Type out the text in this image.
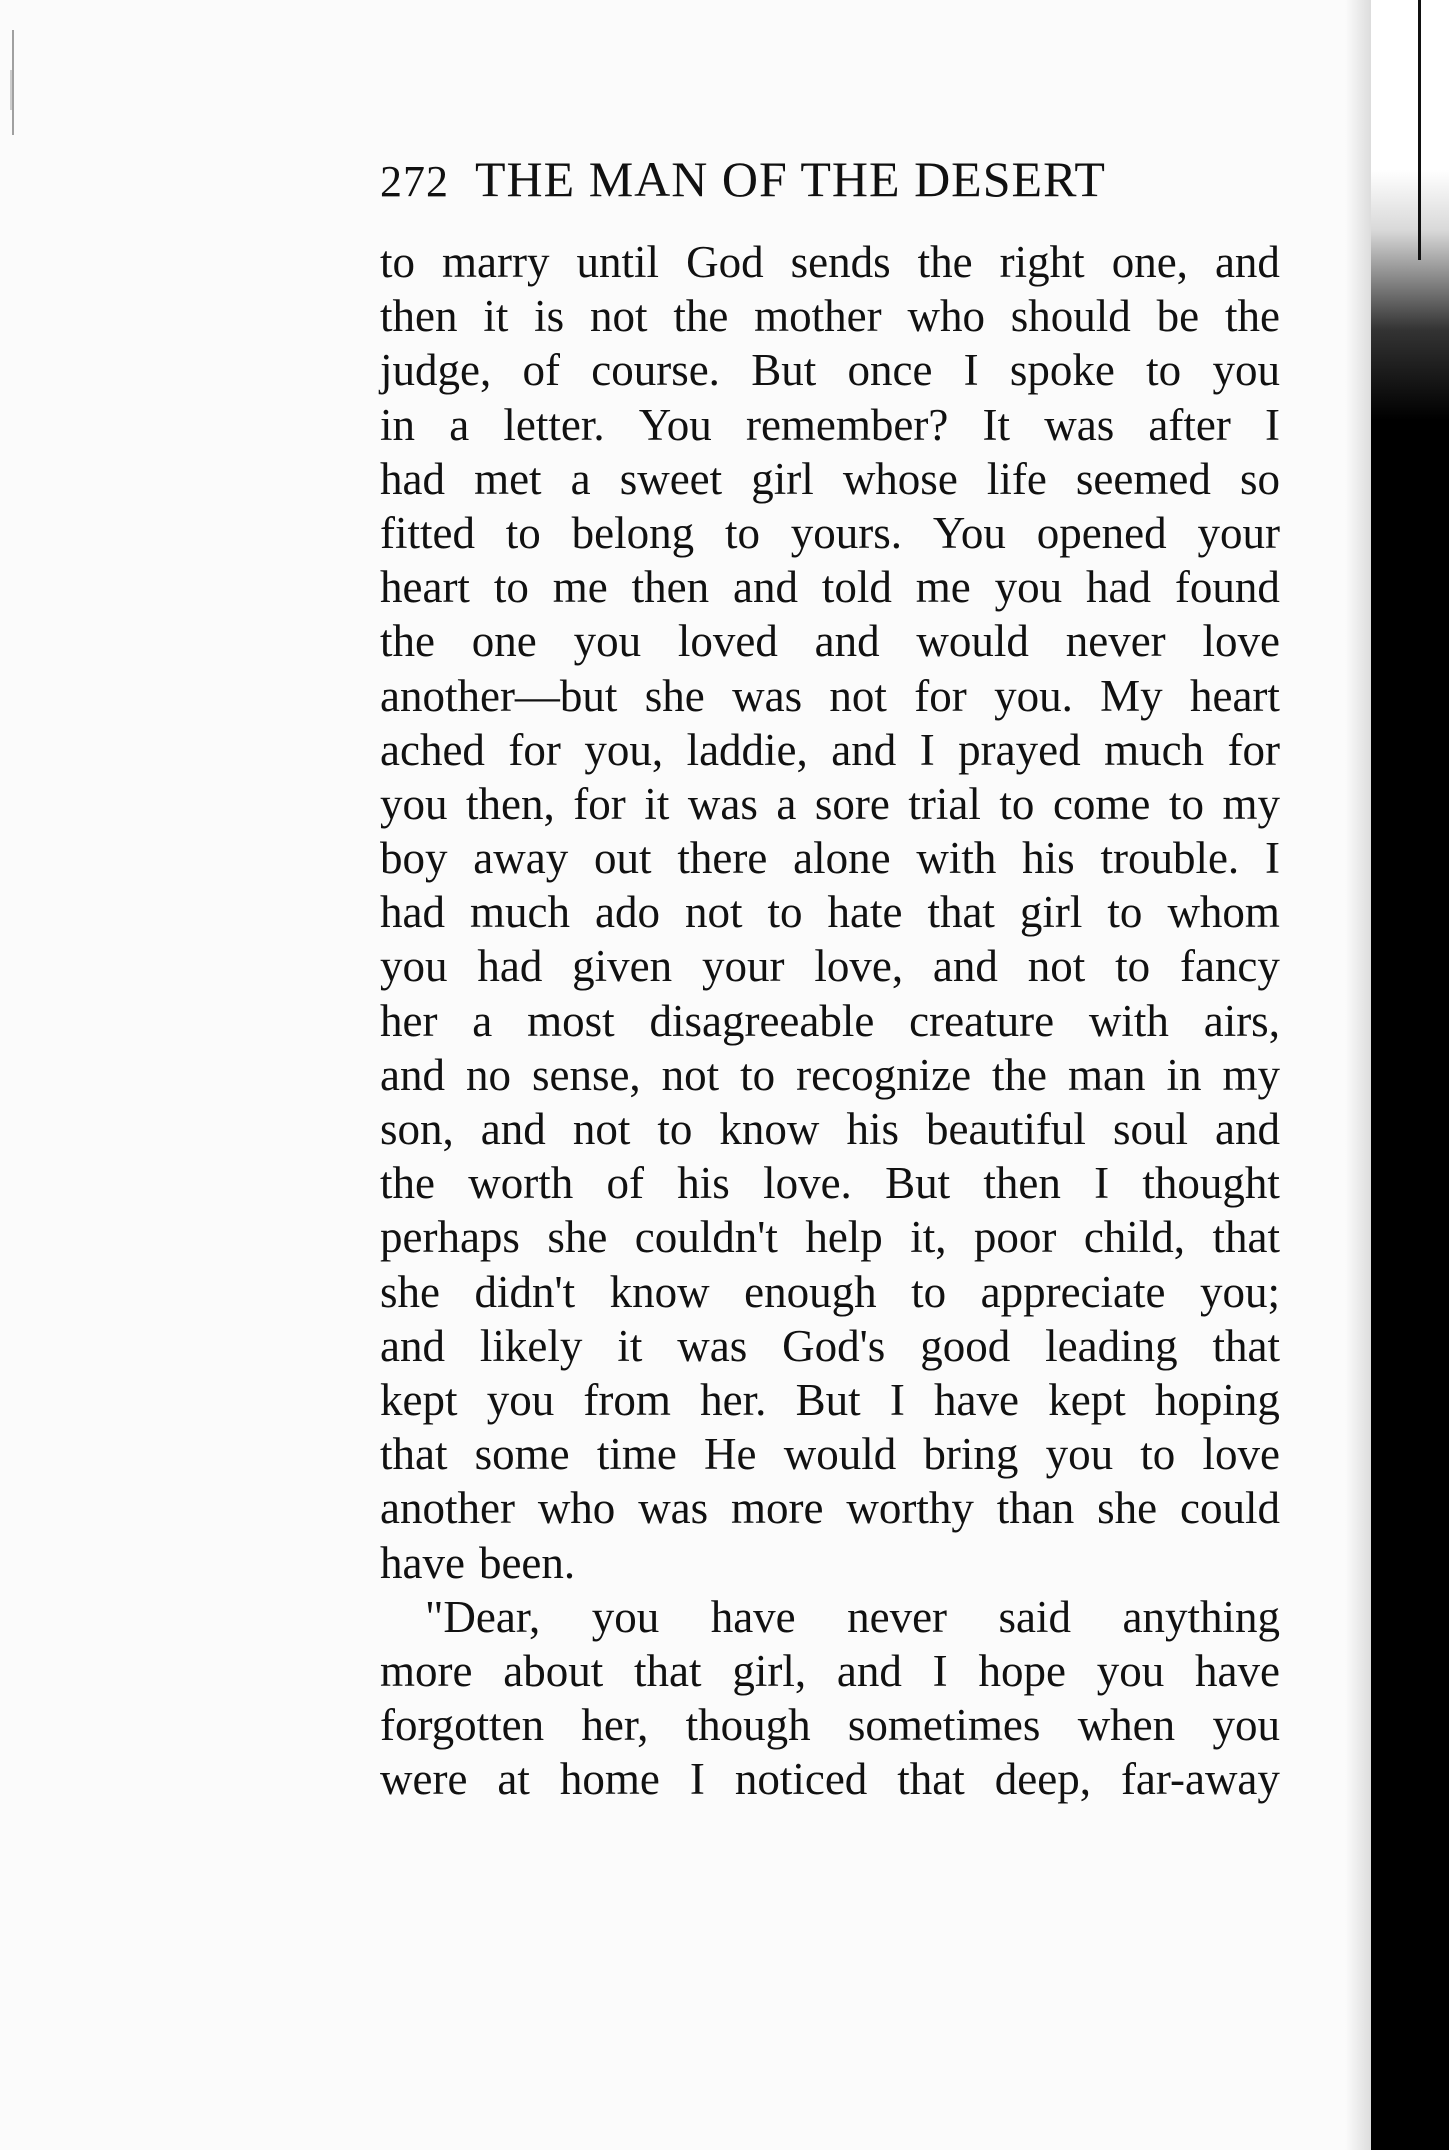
272 THE MAN OF THE DESERT
to marry until God sends the right one, and
then it is not the mother who should be the
judge, of course. But once I spoke to you
in a letter. You remember? It was after I
had met a sweet girl whose life seemed so
fitted to belong to yours. You opened your
heart to me then and told me you had found
the one you loved and would never love
another—but she was not for you. My heart
ached for you, laddie, and I prayed much for
you then, for it was a sore trial to come to my
boy away out there alone with his trouble. I
had much ado not to hate that girl to whom
you had given your love, and not to fancy
her a most disagreeable creature with airs,
and no sense, not to recognize the man in my
son, and not to know his beautiful soul and
the worth of his love. But then I thought
perhaps she couldn't help it, poor child, that
she didn't know enough to appreciate you;
and likely it was God's good leading that
kept you from her. But I have kept hoping
that some time He would bring you to love
another who was more worthy than she could
have been.
"Dear, you have never said anything
more about that girl, and I hope you have
forgotten her, though sometimes when you
were at home I noticed that deep, far-away
